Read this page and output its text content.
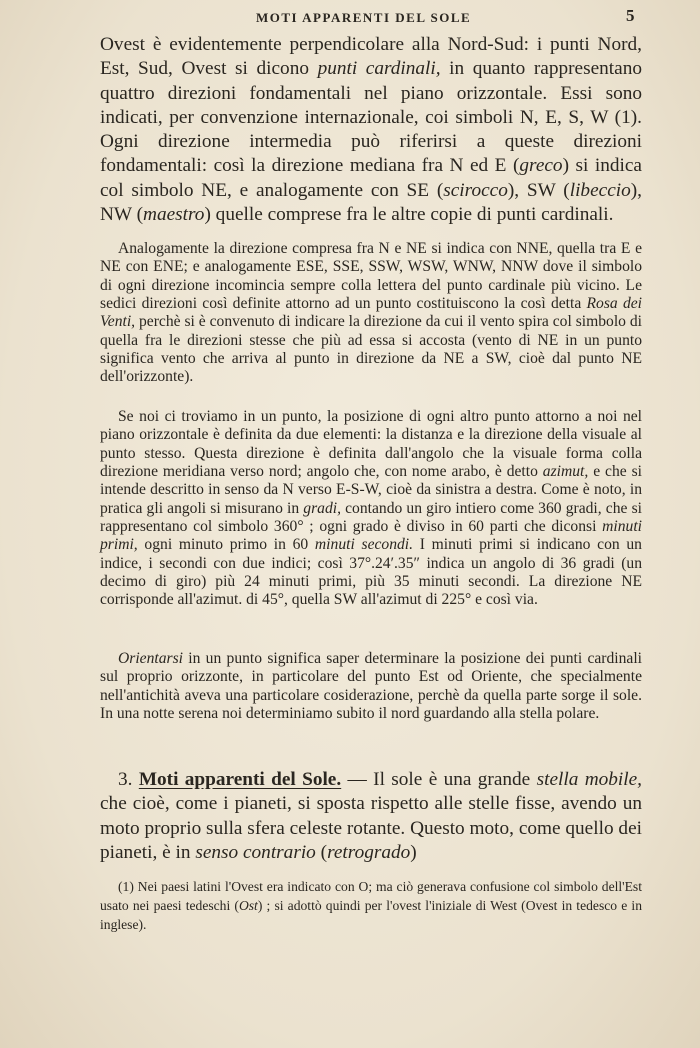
MOTI APPARENTI DEL SOLE	5

Ovest è evidentemente perpendicolare alla Nord-Sud: i punti Nord, Est, Sud, Ovest si dicono punti cardinali, in quanto rappresentano quattro direzioni fondamentali nel piano orizzontale. Essi sono indicati, per convenzione internazionale, coi simboli N, E, S, W (1). Ogni direzione intermedia può riferirsi a queste direzioni fondamentali: così la direzione mediana fra N ed E (greco) si indica col simbolo NE, e analogamente con SE (scirocco), SW (libeccio), NW (maestro) quelle comprese fra le altre copie di punti cardinali.

Analogamente la direzione compresa fra N e NE si indica con NNE, quella tra E e NE con ENE; e analogamente ESE, SSE, SSW, WSW, WNW, NNW dove il simbolo di ogni direzione incomincia sempre colla lettera del punto cardinale più vicino. Le sedici direzioni così definite attorno ad un punto costituiscono la così detta Rosa dei Venti, perchè si è convenuto di indicare la direzione da cui il vento spira col simbolo di quella fra le direzioni stesse che più ad essa si accosta (vento di NE in un punto significa vento che arriva al punto in direzione da NE a SW, cioè dal punto NE dell'orizzonte).

Se noi ci troviamo in un punto, la posizione di ogni altro punto attorno a noi nel piano orizzontale è definita da due elementi: la distanza e la direzione della visuale al punto stesso. Questa direzione è definita dall'angolo che la visuale forma colla direzione meridiana verso nord; angolo che, con nome arabo, è detto azimut, e che si intende descritto in senso da N verso E-S-W, cioè da sinistra a destra. Come è noto, in pratica gli angoli si misurano in gradi, contando un giro intiero come 360 gradi, che si rappresentano col simbolo 360° ; ogni grado è diviso in 60 parti che diconsi minuti primi, ogni minuto primo in 60 minuti secondi. I minuti primi si indicano con un indice, i secondi con due indici; così 37°.24′.35″ indica un angolo di 36 gradi (un decimo di giro) più 24 minuti primi, più 35 minuti secondi. La direzione NE corrisponde all'azimut. di 45°, quella SW all'azimut di 225° e così via.

Orientarsi in un punto significa saper determinare la posizione dei punti cardinali sul proprio orizzonte, in particolare del punto Est od Oriente, che specialmente nell'antichità aveva una particolare cosiderazione, perchè da quella parte sorge il sole. In una notte serena noi determiniamo subito il nord guardando alla stella polare.

3. Moti apparenti del Sole. — Il sole è una grande stella mobile, che cioè, come i pianeti, si sposta rispetto alle stelle fisse, avendo un moto proprio sulla sfera celeste rotante. Questo moto, come quello dei pianeti, è in senso contrario (retrogrado)

(1) Nei paesi latini l'Ovest era indicato con O; ma ciò generava confusione col simbolo dell'Est usato nei paesi tedeschi (Ost) ; si adottò quindi per l'ovest l'iniziale di West (Ovest in tedesco e in inglese).
